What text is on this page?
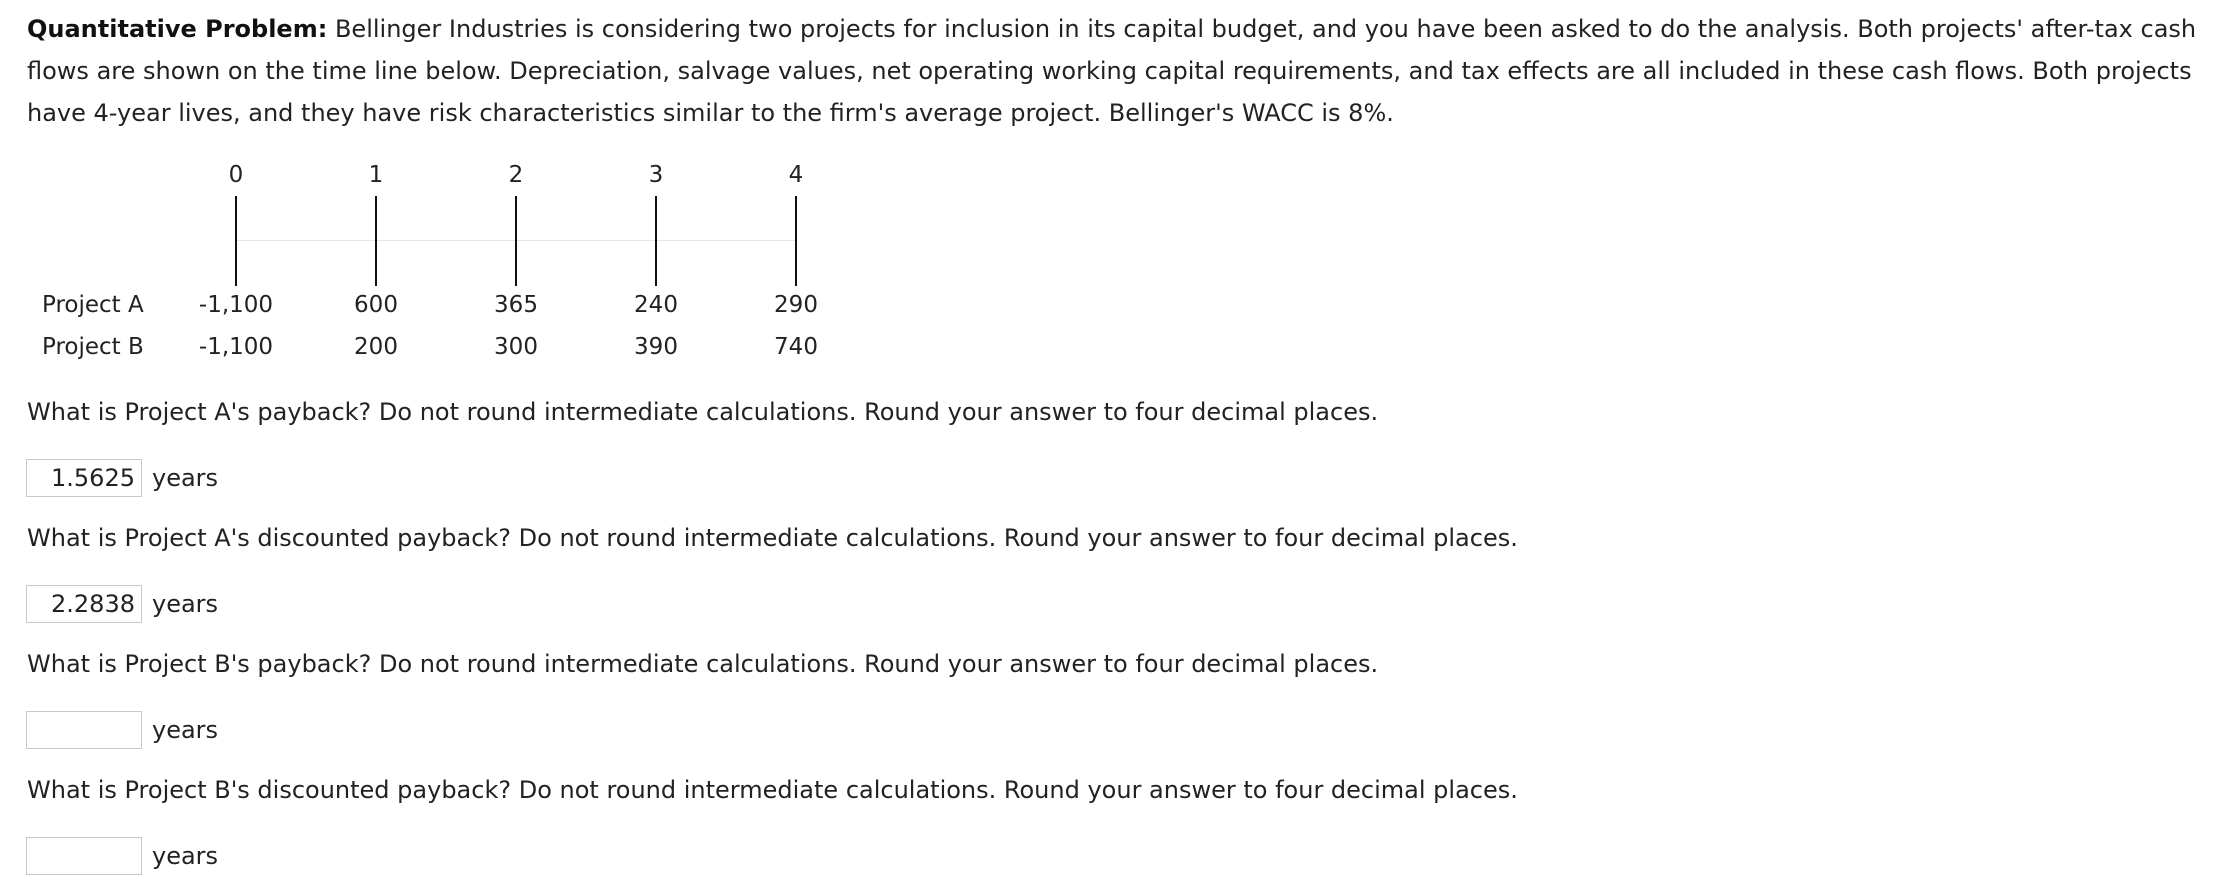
Quantitative Problem: Bellinger Industries is considering two projects for inclusion in its capital budget, and you have been asked to do the analysis. Both projects' after-tax cash flows are shown on the time line below. Depreciation, salvage values, net operating working capital requirements, and tax effects are all included in these cash flows. Both projects have 4-year lives, and they have risk characteristics similar to the firm's average project. Bellinger's WACC is 8%.

0	1	2	3	4
Project A	-1,100	600	365	240	290
Project B	-1,100	200	300	390	740

What is Project A's payback? Do not round intermediate calculations. Round your answer to four decimal places.

1.5625
years

What is Project A's discounted payback? Do not round intermediate calculations. Round your answer to four decimal places.

2.2838
years

What is Project B's payback? Do not round intermediate calculations. Round your answer to four decimal places.

years

What is Project B's discounted payback? Do not round intermediate calculations. Round your answer to four decimal places.

years
